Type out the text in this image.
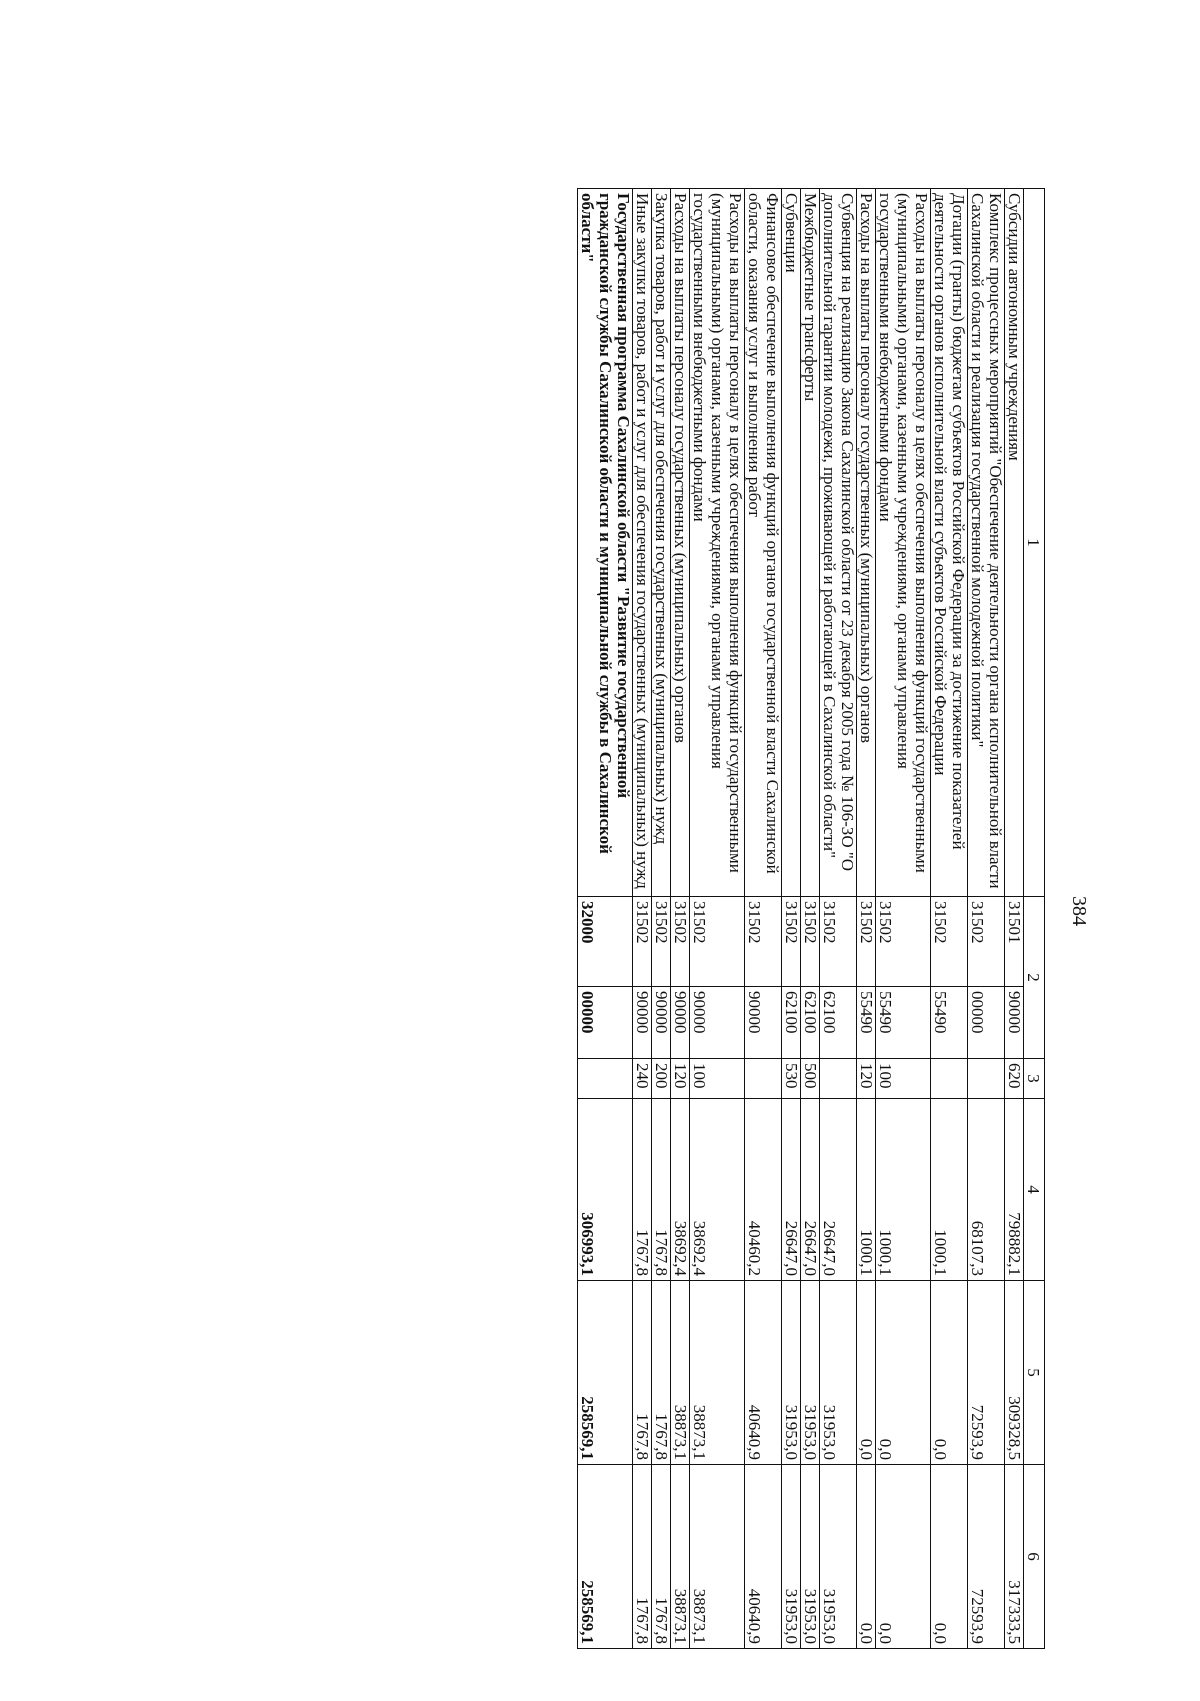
384
1	2		3	4	5	6
Субсидии автономным учреждениям	31501	90000	620	798882,1	309328,5	317333,5
Комплекс процессных мероприятий "Обеспечение деятельности органа исполнительной власти Сахалинской области и реализация государственной молодежной политики"	31502	00000		68107,3	72593,9	72593,9
Дотации (гранты) бюджетам субъектов Российской Федерации за достижение показателей деятельности органов исполнительной власти субъектов Российской Федерации	31502	55490		1000,1	0,0	0,0
Расходы на выплаты персоналу в целях обеспечения выполнения функций государственными (муниципальными) органами, казенными учреждениями, органами управления государственными внебюджетными фондами	31502	55490	100	1000,1	0,0	0,0
Расходы на выплаты персоналу государственных (муниципальных) органов	31502	55490	120	1000,1	0,0	0,0
Субвенция на реализацию Закона Сахалинской области от 23 декабря 2005 года № 106-ЗО "О дополнительной гарантии молодежи, проживающей и работающей в Сахалинской области"	31502	62100		26647,0	31953,0	31953,0
Межбюджетные трансферты	31502	62100	500	26647,0	31953,0	31953,0
Субвенции	31502	62100	530	26647,0	31953,0	31953,0
Финансовое обеспечение выполнения функций органов государственной власти Сахалинской области, оказания услуг и выполнения работ	31502	90000		40460,2	40640,9	40640,9
Расходы на выплаты персоналу в целях обеспечения выполнения функций государственными (муниципальными) органами, казенными учреждениями, органами управления государственными внебюджетными фондами	31502	90000	100	38692,4	38873,1	38873,1
Расходы на выплаты персоналу государственных (муниципальных) органов	31502	90000	120	38692,4	38873,1	38873,1
Закупка товаров, работ и услуг для обеспечения государственных (муниципальных) нужд	31502	90000	200	1767,8	1767,8	1767,8
Иные закупки товаров, работ и услуг для обеспечения государственных (муниципальных) нужд	31502	90000	240	1767,8	1767,8	1767,8
Государственная программа Сахалинской области "Развитие государственной гражданской службы Сахалинской области и муниципальной службы в Сахалинской области"	32000	00000		306993,1	258569,1	258569,1
